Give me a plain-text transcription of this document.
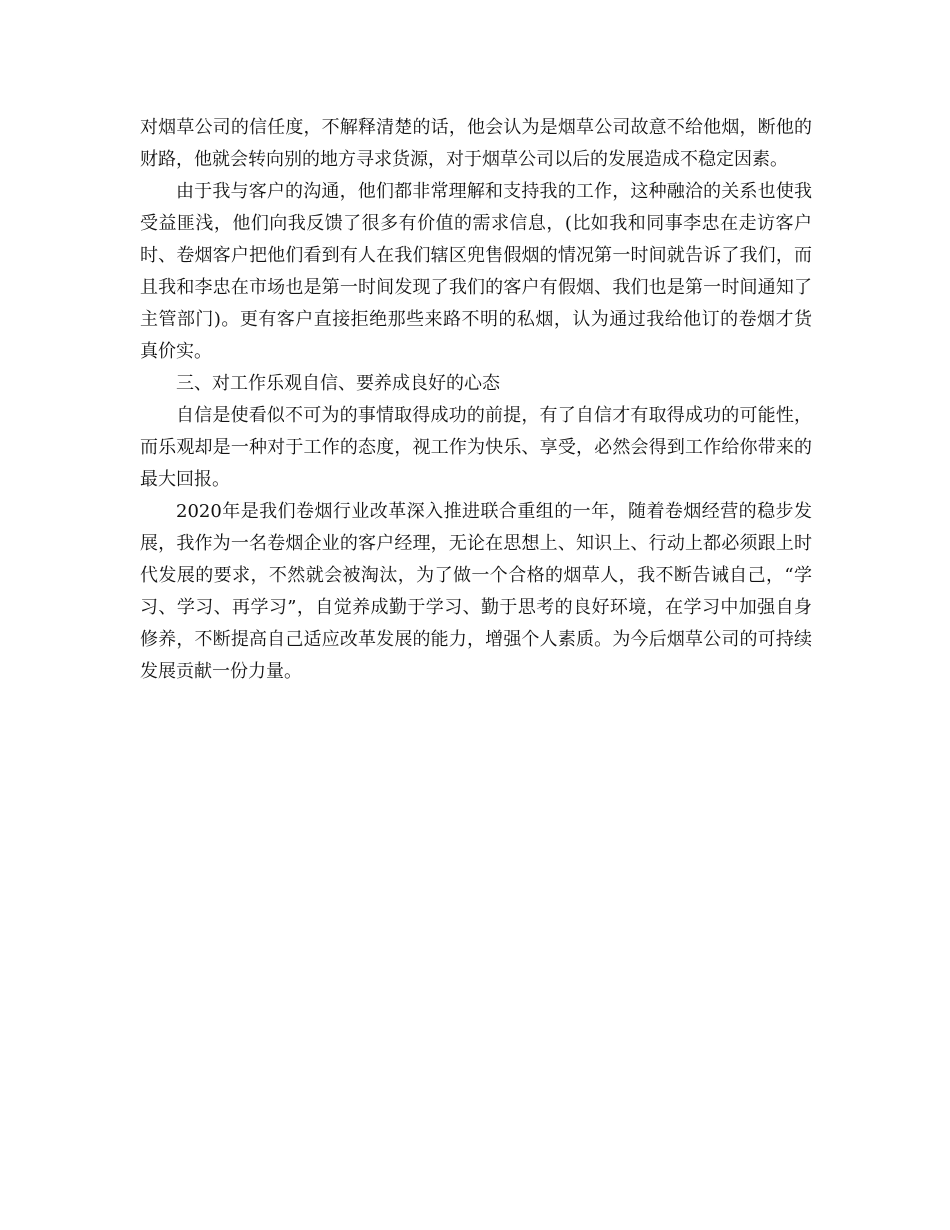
对烟草公司的信任度，不解释清楚的话，他会认为是烟草公司故意不给他烟，断他的财路，他就会转向别的地方寻求货源，对于烟草公司以后的发展造成不稳定因素。

由于我与客户的沟通，他们都非常理解和支持我的工作，这种融洽的关系也使我受益匪浅，他们向我反馈了很多有价值的需求信息，(比如我和同事李忠在走访客户时、卷烟客户把他们看到有人在我们辖区兜售假烟的情况第一时间就告诉了我们，而且我和李忠在市场也是第一时间发现了我们的客户有假烟、我们也是第一时间通知了主管部门)。更有客户直接拒绝那些来路不明的私烟，认为通过我给他订的卷烟才货真价实。

三、对工作乐观自信、要养成良好的心态

自信是使看似不可为的事情取得成功的前提，有了自信才有取得成功的可能性，而乐观却是一种对于工作的态度，视工作为快乐、享受，必然会得到工作给你带来的最大回报。

2020年是我们卷烟行业改革深入推进联合重组的一年，随着卷烟经营的稳步发展，我作为一名卷烟企业的客户经理，无论在思想上、知识上、行动上都必须跟上时代发展的要求，不然就会被淘汰，为了做一个合格的烟草人，我不断告诫自己，“学习、学习、再学习”，自觉养成勤于学习、勤于思考的良好环境，在学习中加强自身修养，不断提高自己适应改革发展的能力，增强个人素质。为今后烟草公司的可持续发展贡献一份力量。
